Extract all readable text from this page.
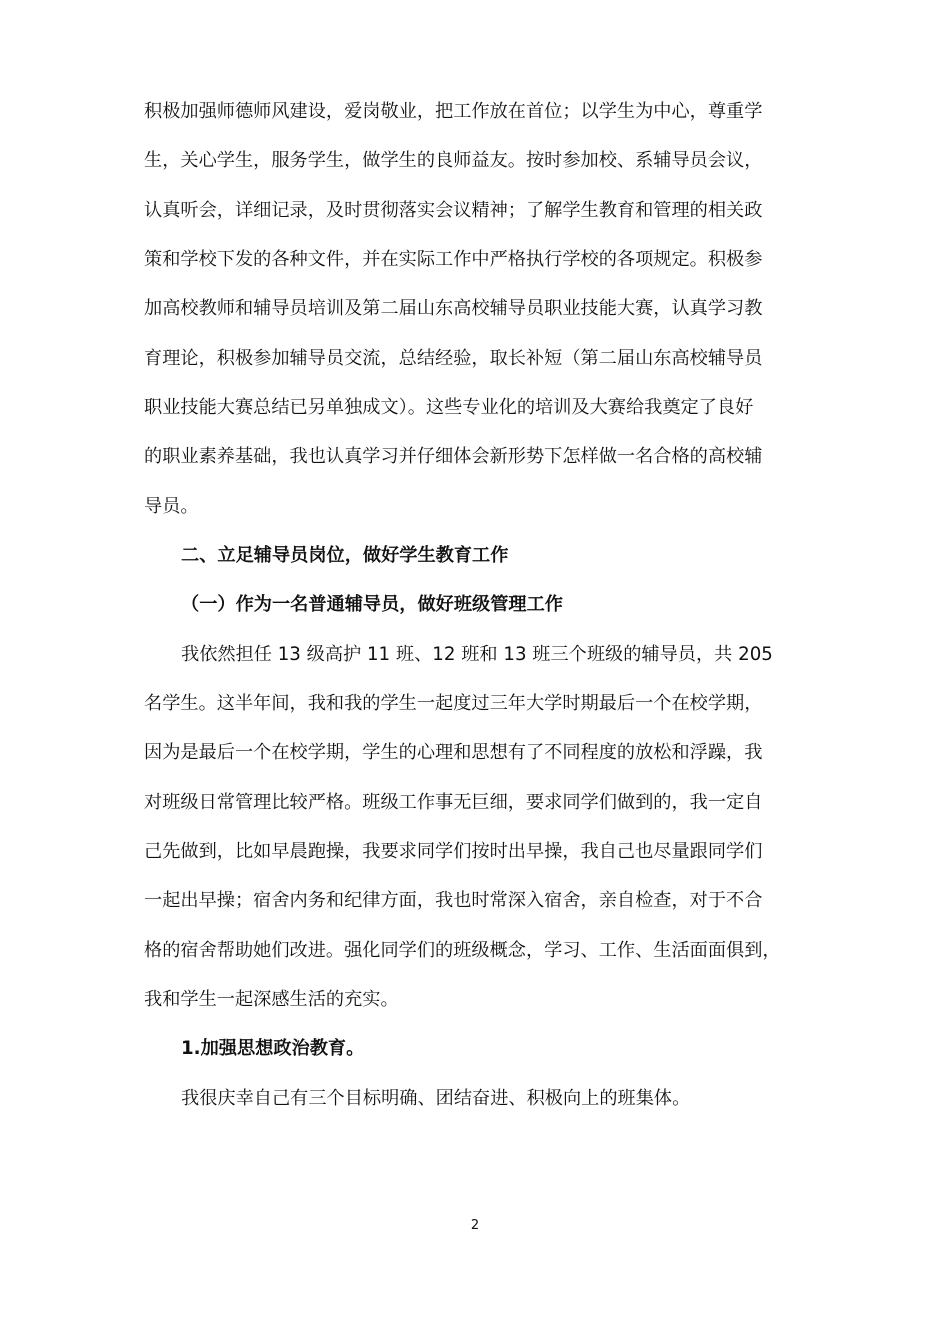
积极加强师德师风建设，爱岗敬业，把工作放在首位；以学生为中心，尊重学
生，关心学生，服务学生，做学生的良师益友。按时参加校、系辅导员会议，
认真听会，详细记录，及时贯彻落实会议精神；了解学生教育和管理的相关政
策和学校下发的各种文件，并在实际工作中严格执行学校的各项规定。积极参
加高校教师和辅导员培训及第二届山东高校辅导员职业技能大赛，认真学习教
育理论，积极参加辅导员交流，总结经验，取长补短（第二届山东高校辅导员
职业技能大赛总结已另单独成文）。这些专业化的培训及大赛给我奠定了良好
的职业素养基础，我也认真学习并仔细体会新形势下怎样做一名合格的高校辅
导员。
二、立足辅导员岗位，做好学生教育工作
（一）作为一名普通辅导员，做好班级管理工作
我依然担任 13 级高护 11 班、12 班和 13 班三个班级的辅导员，共 205
名学生。这半年间，我和我的学生一起度过三年大学时期最后一个在校学期，
因为是最后一个在校学期，学生的心理和思想有了不同程度的放松和浮躁，我
对班级日常管理比较严格。班级工作事无巨细，要求同学们做到的，我一定自
己先做到，比如早晨跑操，我要求同学们按时出早操，我自己也尽量跟同学们
一起出早操；宿舍内务和纪律方面，我也时常深入宿舍，亲自检查，对于不合
格的宿舍帮助她们改进。强化同学们的班级概念，学习、工作、生活面面俱到，
我和学生一起深感生活的充实。
1.加强思想政治教育。
我很庆幸自己有三个目标明确、团结奋进、积极向上的班集体。
2
